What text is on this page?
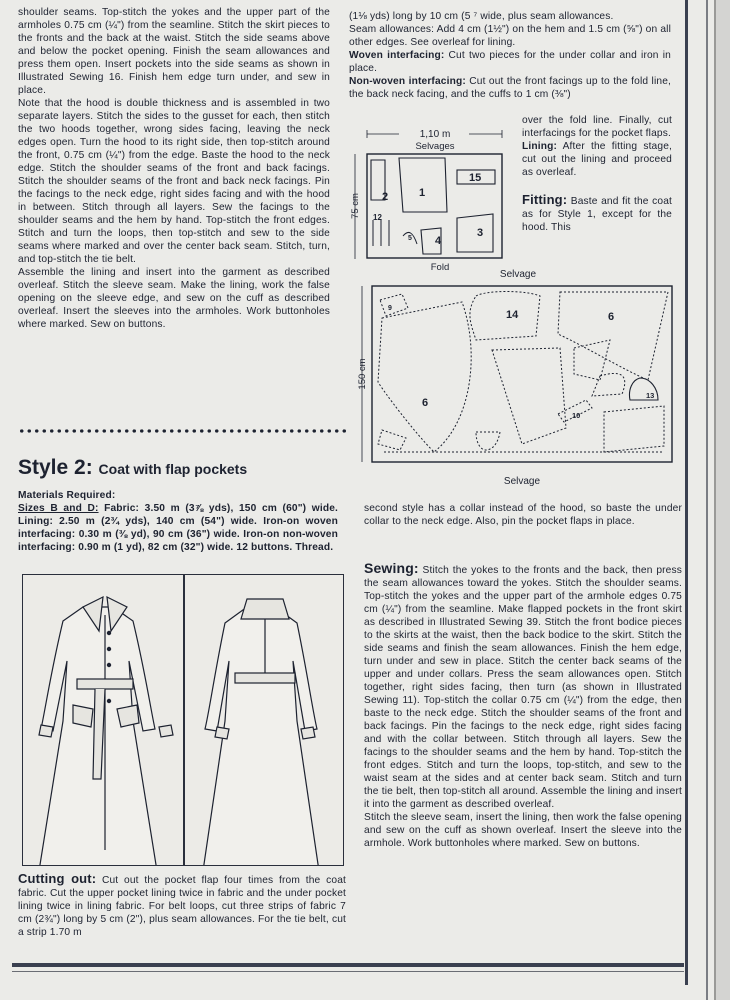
shoulder seams. Top-stitch the yokes and the upper part of the armholes 0.75 cm (¼") from the seamline. Stitch the skirt pieces to the fronts and the back at the waist. Stitch the side seams above and below the pocket opening. Finish the seam allowances and press them open. Insert pockets into the side seams as shown in Illustrated Sewing 16. Finish hem edge turn under, and sew in place.

Note that the hood is double thickness and is assembled in two separate layers. Stitch the sides to the gusset for each, then stitch the two hoods together, wrong sides facing, leaving the neck edges open. Turn the hood to its right side, then top-stitch around the front, 0.75 cm (¼") from the edge. Baste the hood to the neck edge. Stitch the shoulder seams of the front and back facings. Stitch the shoulder seams of the front and back neck facings. Pin the facings to the neck edge, right sides facing and with the hood in between. Stitch through all layers. Sew the facings to the shoulder seams and the hem by hand. Top-stitch the front edges. Stitch and turn the loops, then top-stitch and sew to the side seams where marked and over the center back seam. Stitch, turn, and top-stitch the tie belt.

Assemble the lining and insert into the garment as described overleaf. Stitch the sleeve seam. Make the lining, work the false opening on the sleeve edge, and sew on the cuff as described overleaf. Insert the sleeves into the armholes. Work buttonholes where marked. Sew on buttons.

(1⅛ yds) long by 10 cm (5 ⁷ wide, plus seam allowances.

Seam allowances: Add 4 cm (1½") on the hem and 1.5 cm (⅝") on all other edges. See overleaf for lining.

Woven interfacing: Cut two pieces for the under collar and iron in place.

Non-woven interfacing: Cut out the front facings up to the fold line, the back neck facing, and the cuffs to 1 cm (⅜")

over the fold line. Finally, cut interfacings for the pocket flaps.

Lining: After the fitting stage, cut out the lining and proceed as overleaf.

Fitting: Baste and fit the coat as for Style 1, except for the hood. This

1,10 m
Selvages
75 cm 2	1
15
12
5 4
3
Fold
Selvage
150 cm
9
14	6
6
13
10
Selvage
Style 2: Coat with flap pockets

Materials Required:

Sizes B and D: Fabric: 3.50 m (3⅞ yds), 150 cm (60") wide. Lining: 2.50 m (2¾ yds), 140 cm (54") wide. Iron-on woven interfacing: 0.30 m (⅜ yd), 90 cm (36") wide. Iron-on non-woven interfacing: 0.90 m (1 yd), 82 cm (32") wide. 12 buttons. Thread.

Cutting out: Cut out the pocket flap four times from the coat fabric. Cut the upper pocket lining twice in fabric and the under pocket lining twice in lining fabric. For belt loops, cut three strips of fabric 7 cm (2¾") long by 5 cm (2"), plus seam allowances. For the tie belt, cut a strip 1.70 m

second style has a collar instead of the hood, so baste the under collar to the neck edge. Also, pin the pocket flaps in place.

Sewing: Stitch the yokes to the fronts and the back, then press the seam allowances toward the yokes. Stitch the shoulder seams. Top-stitch the yokes and the upper part of the armhole edges 0.75 cm (¼") from the seamline. Make flapped pockets in the front skirt as described in Illustrated Sewing 39. Stitch the front bodice pieces to the skirts at the waist, then the back bodice to the skirt. Stitch the side seams and finish the seam allowances. Finish the hem edge, turn under and sew in place. Stitch the center back seams of the upper and under collars. Press the seam allowances open. Stitch together, right sides facing, then turn (as shown in Illustrated Sewing 11). Top-stitch the collar 0.75 cm (¼") from the edge, then baste to the neck edge. Stitch the shoulder seams of the front and back facings. Pin the facings to the neck edge, right sides facing and with the collar between. Stitch through all layers. Sew the facings to the shoulder seams and the hem by hand. Top-stitch the front edges. Stitch and turn the loops, top-stitch, and sew to the waist seam at the sides and at center back seam. Stitch and turn the tie belt, then top-stitch all around. Assemble the lining and insert it into the garment as described overleaf.

Stitch the sleeve seam, insert the lining, then work the false opening and sew on the cuff as shown overleaf. Insert the sleeve into the armhole. Work buttonholes where marked. Sew on buttons.
